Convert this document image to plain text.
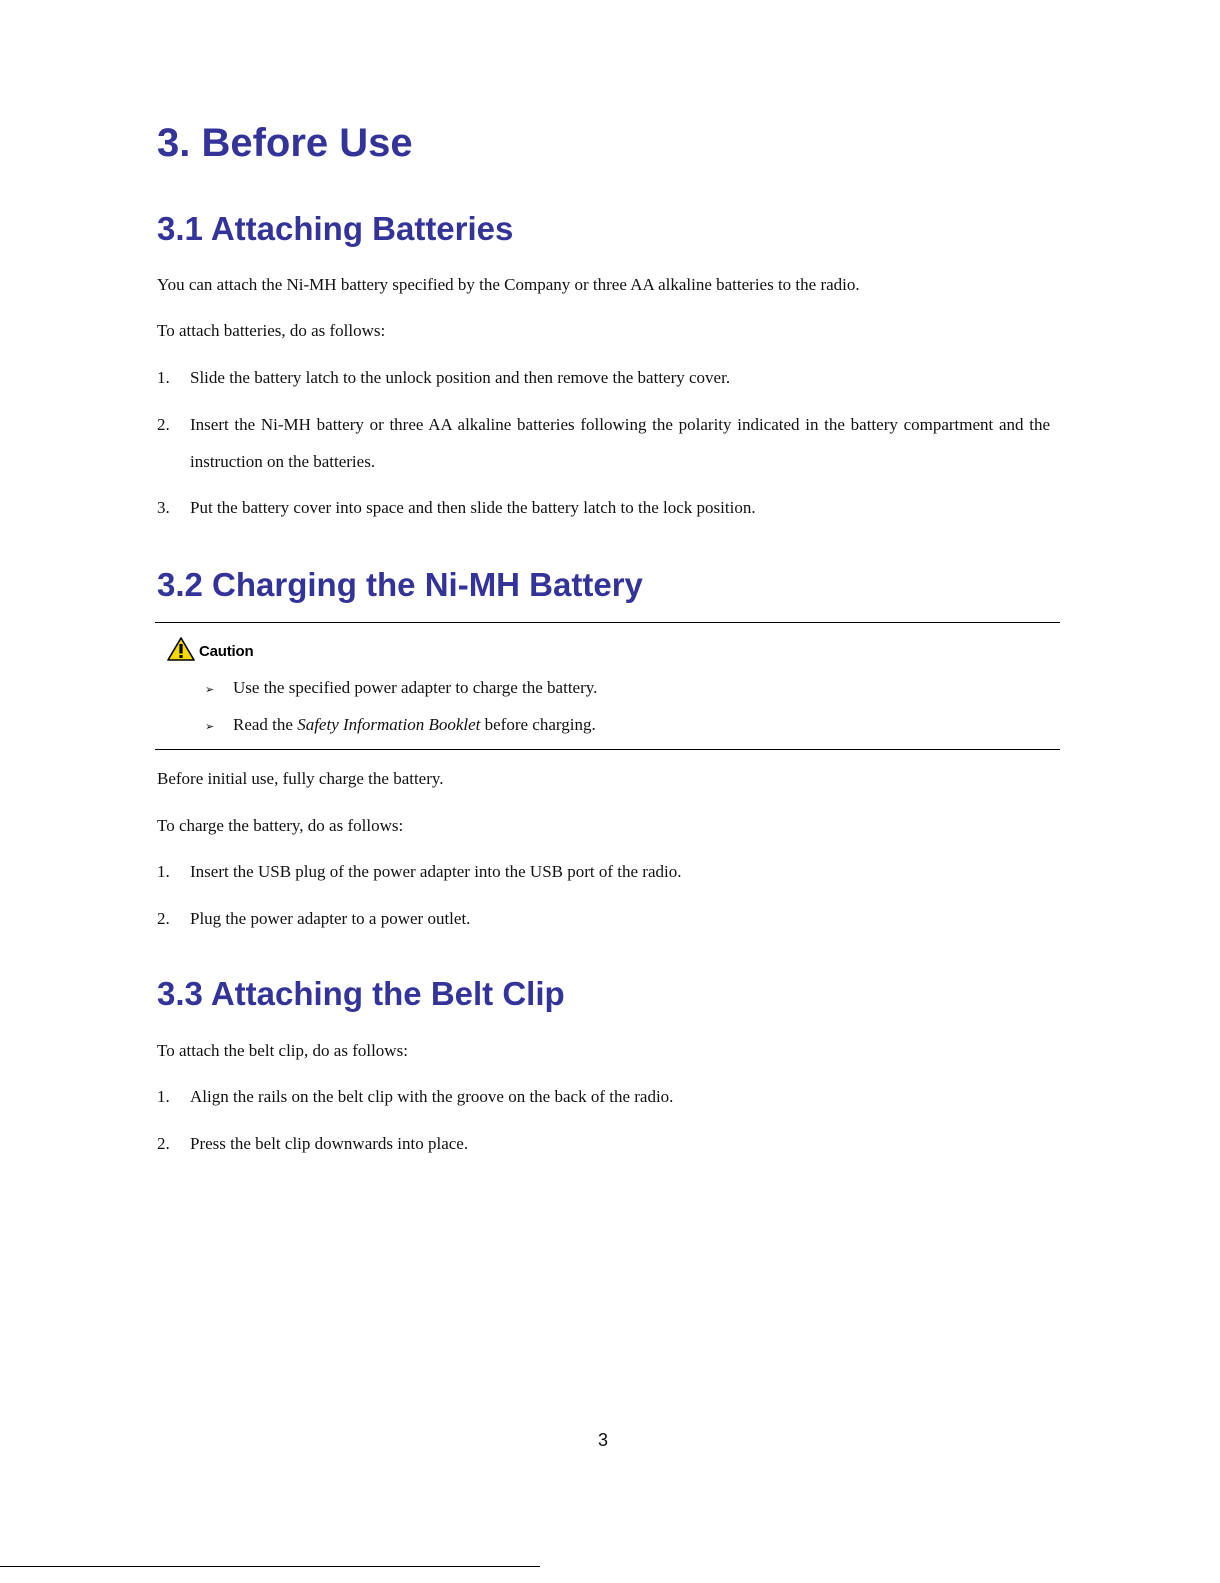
3. Before Use
3.1 Attaching Batteries
You can attach the Ni-MH battery specified by the Company or three AA alkaline batteries to the radio.
To attach batteries, do as follows:
1. Slide the battery latch to the unlock position and then remove the battery cover.
2. Insert the Ni-MH battery or three AA alkaline batteries following the polarity indicated in the battery compartment and the instruction on the batteries.
3. Put the battery cover into space and then slide the battery latch to the lock position.
3.2 Charging the Ni-MH Battery
Caution
➢ Use the specified power adapter to charge the battery.
➢ Read the Safety Information Booklet before charging.
Before initial use, fully charge the battery.
To charge the battery, do as follows:
1. Insert the USB plug of the power adapter into the USB port of the radio.
2. Plug the power adapter to a power outlet.
3.3 Attaching the Belt Clip
To attach the belt clip, do as follows:
1. Align the rails on the belt clip with the groove on the back of the radio.
2. Press the belt clip downwards into place.
3
